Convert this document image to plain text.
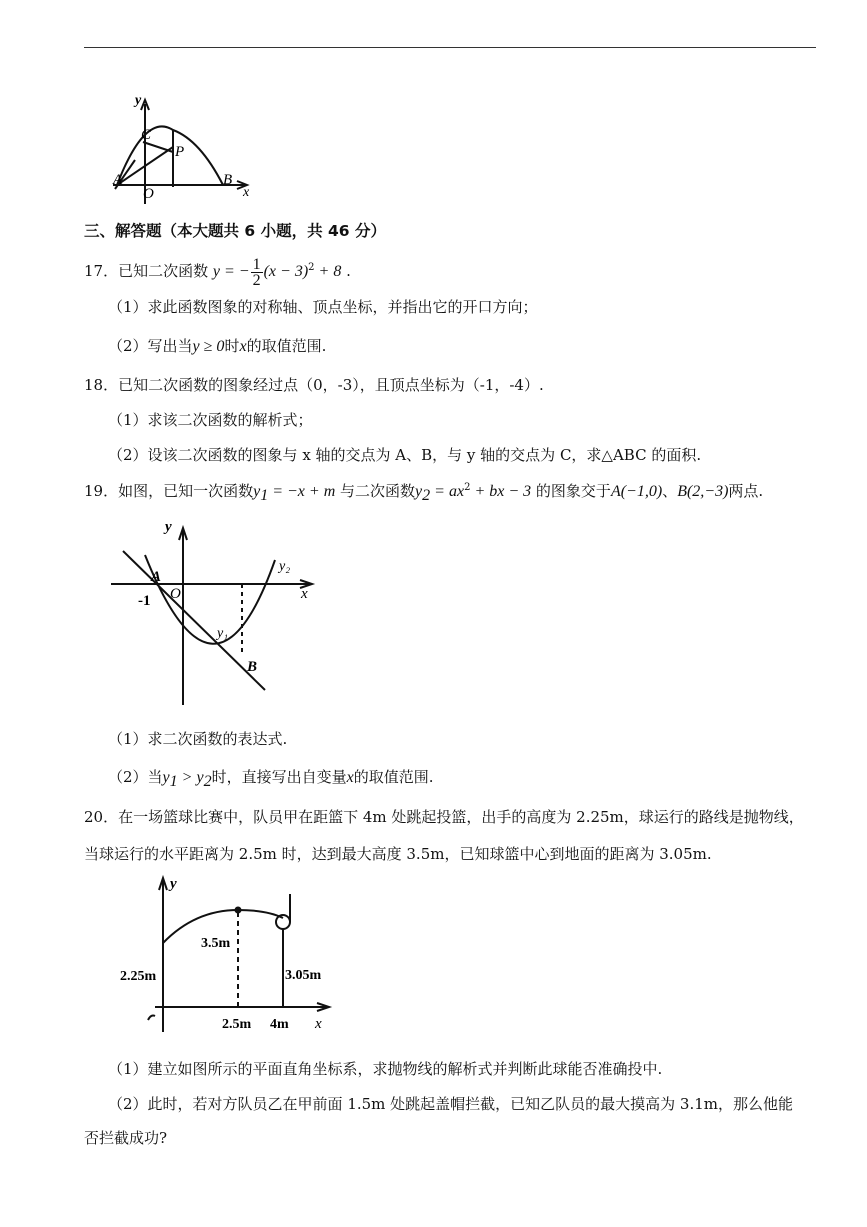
y
C
P
A
O
B
x
三、解答题（本大题共 6 小题，共 46 分）
17．已知二次函数 y = − $\frac{1}{2} (x - 3)^2 + 8$ .
（1）求此函数图象的对称轴、顶点坐标，并指出它的开口方向；
（2）写出当y ≥ 0时x的取值范围.
18．已知二次函数的图象经过点（0，-3），且顶点坐标为（-1，-4）.
（1）求该二次函数的解析式；
（2）设该二次函数的图象与 x 轴的交点为 A、B，与 y 轴的交点为 C，求△ABC 的面积.
19．如图，已知一次函数$y_1 = -x + m$ 与二次函数$y_2 = ax^2$ + bx − 3 的图象交于A(−1,0)、B(2,−3)两点.
y
y₂
A
O
-1	x
y₁
B
（1）求二次函数的表达式.
（2）当$y_1 > y_2$时，直接写出自变量x的取值范围.
20．在一场篮球比赛中，队员甲在距篮下 4m 处跳起投篮，出手的高度为 2.25m，球运行的路线是抛物线，
当球运行的水平距离为 2.5m 时，达到最大高度 3.5m，已知球篮中心到地面的距离为 3.05m.
y
3.5m
2.25m	3.05m
2.5m 4m x
（1）建立如图所示的平面直角坐标系，求抛物线的解析式并判断此球能否准确投中.
（2）此时，若对方队员乙在甲前面 1.5m 处跳起盖帽拦截，已知乙队员的最大摸高为 3.1m，那么他能
否拦截成功?
